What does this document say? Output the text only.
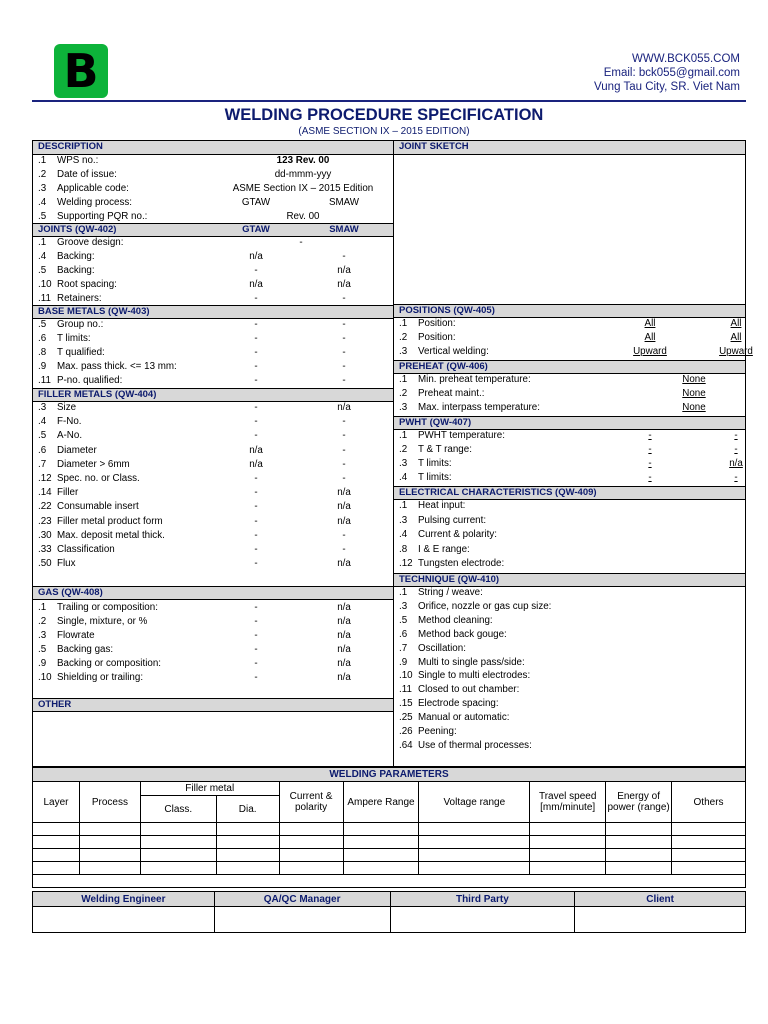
B	WWW.BCK055.COM
Email: bck055@gmail.com
Vung Tau City, SR. Viet Nam
WELDING PROCEDURE SPECIFICATION
(ASME SECTION IX – 2015 EDITION)
DESCRIPTION
.1 WPS no.:	123 Rev. 00
.2 Date of issue:	dd-mmm-yyy
.3 Applicable code:	ASME Section IX – 2015 Edition
.4 Welding process:	GTAW	SMAW
.5 Supporting PQR no.:	Rev. 00
JOINTS (QW-402)	GTAW	SMAW
.1 Groove design:	-
.4 Backing:	n/a	-
.5 Backing:	-	n/a
.10 Root spacing:	n/a	n/a
.11 Retainers:	-	-
BASE METALS (QW-403)
.5 Group no.:	-	-
.6 T limits:	-	-
.8 T qualified:	-	-
.9 Max. pass thick. <= 13 mm:	-	-
.11 P-no. qualified:	-	-
FILLER METALS (QW-404)
.3 Size	-	n/a
.4 F-No.	-	-
.5 A-No.	-	-
.6 Diameter	n/a	-
.7 Diameter > 6mm	n/a	-
.12 Spec. no. or Class.	-	-
.14 Filler	-	n/a
.22 Consumable insert	-	n/a
.23 Filler metal product form	-	n/a
.30 Max. deposit metal thick.	-	-
.33 Classification	-	-
.50 Flux	-	n/a
GAS (QW-408)
.1 Trailing or composition:	-	n/a
.2 Single, mixture, or %	-	n/a
.3 Flowrate	-	n/a
.5 Backing gas:	-	n/a
.9 Backing or composition:	-	n/a
.10 Shielding or trailing:	-	n/a
OTHER
JOINT SKETCH
POSITIONS (QW-405)
.1 Position:	All	All
.2 Position:	All	All
.3 Vertical welding:	Upward	Upward
PREHEAT (QW-406)
.1 Min. preheat temperature:	None
.2 Preheat maint.:	None
.3 Max. interpass temperature:	None
PWHT (QW-407)
.1 PWHT temperature:	-	-
.2 T & T range:	-	-
.3 T limits:	-	n/a
.4 T limits:	-	-
ELECTRICAL CHARACTERISTICS (QW-409)
.1 Heat input:
.3 Pulsing current:
.4 Current & polarity:
.8 I & E range:
.12 Tungsten electrode:
TECHNIQUE (QW-410)
.1 String / weave:
.3 Orifice, nozzle or gas cup size:
.5 Method cleaning:
.6 Method back gouge:
.7 Oscillation:
.9 Multi to single pass/side:
.10 Single to multi electrodes:
.11 Closed to out chamber:
.15 Electrode spacing:
.25 Manual or automatic:
.26 Peening:
.64 Use of thermal processes:
WELDING PARAMETERS									
Layer	Process	Filler metal		Current & polarity	Ampere Range	Voltage range	Travel speed [mm/minute]	Energy of power (range)	Others
		Class.	Dia.						

Welding Engineer	QA/QC Manager	Third Party	Client
